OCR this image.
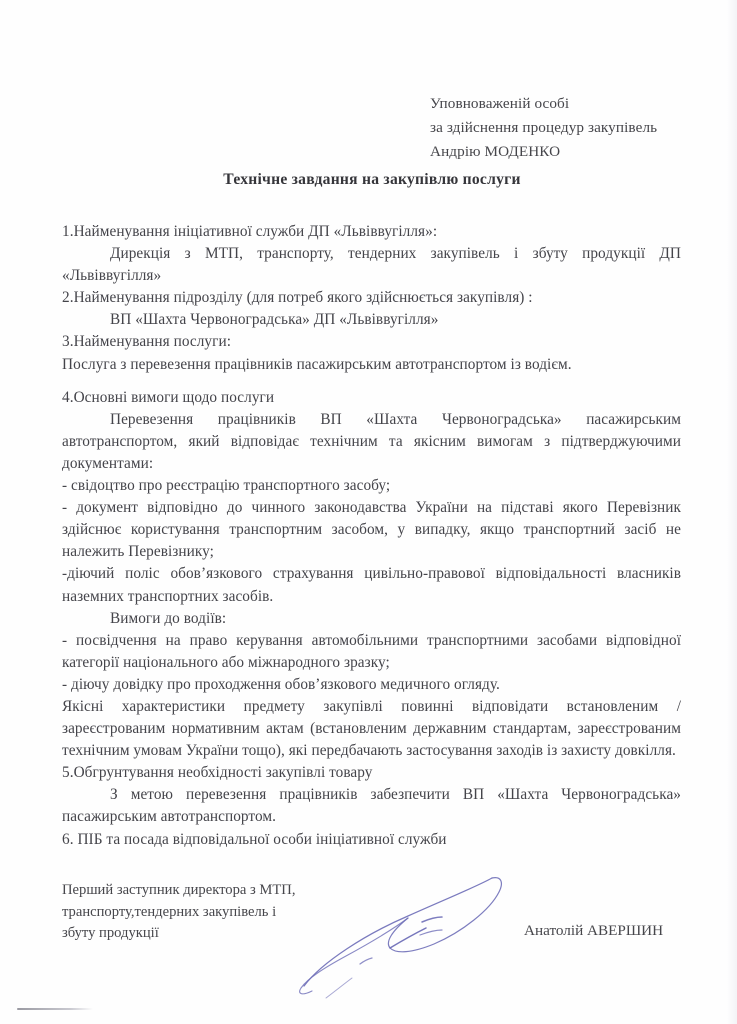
Уповноваженій особі
за здійснення процедур закупівель
Андрію МОДЕНКО
Технічне завдання на закупівлю послуги
1.Найменування ініціативної служби ДП «Львіввугілля»:
Дирекція з МТП, транспорту, тендерних закупівель і збуту продукції ДП «Львіввугілля»
2.Найменування підрозділу (для потреб якого здійснюється закупівля) :
ВП «Шахта Червоноградська» ДП «Львіввугілля»
3.Найменування послуги:
Послуга з перевезення працівників пасажирським автотранспортом із водієм.
4.Основні вимоги щодо послуги
Перевезення працівників ВП «Шахта Червоноградська» пасажирським автотранспортом, який відповідає технічним та якісним вимогам з підтверджуючими документами:
- свідоцтво про реєстрацію транспортного засобу;
- документ відповідно до чинного законодавства України на підставі якого Перевізник здійснює користування транспортним засобом, у випадку, якщо транспортний засіб не належить Перевізнику;
-діючий поліс обов’язкового страхування цивільно-правової відповідальності власників наземних транспортних засобів.
Вимоги до водіїв:
- посвідчення на право керування автомобільними транспортними засобами відповідної категорії національного або міжнародного зразку;
- діючу довідку про проходження обов’язкового медичного огляду.
Якісні характеристики предмету закупівлі повинні відповідати встановленим /зареєстрованим нормативним актам (встановленим державним стандартам, зареєстрованим технічним умовам України тощо), які передбачають застосування заходів із захисту довкілля.
5.Обгрунтування необхідності закупівлі товару
З метою перевезення працівників забезпечити ВП «Шахта Червоноградська» пасажирським автотранспортом.
6. ПІБ та посада відповідальної особи ініціативної служби
Перший заступник директора з МТП,
транспорту,тендерних закупівель і
збуту продукції	Анатолій АВЕРШИН
